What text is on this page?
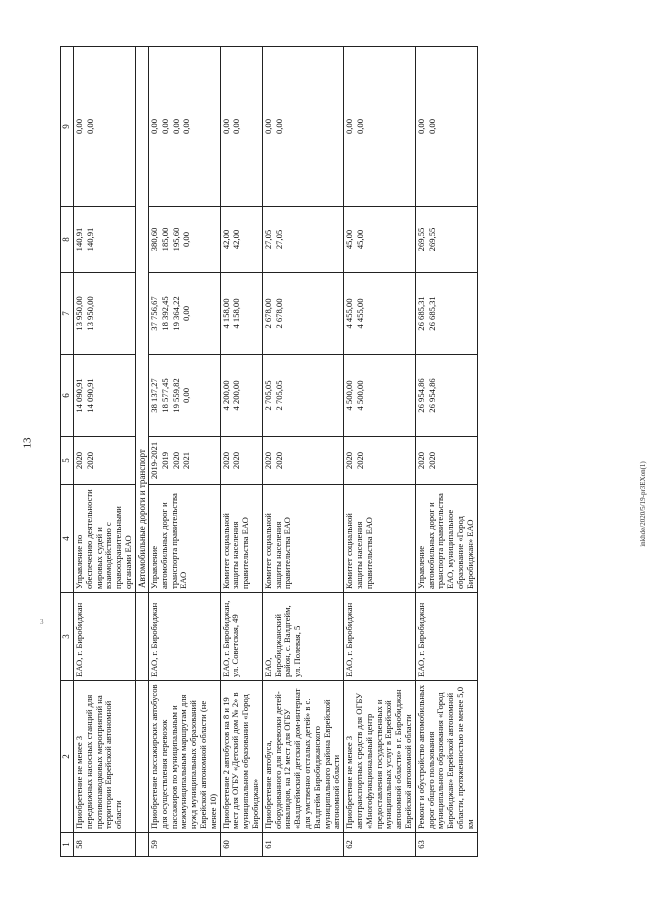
13
3
inkhde/2020/5/19-pr3EXon(1)
1	2	3	4	5	6	7	8	9
58	Приобретение не менее 3 передвижных насосных станций для противопаводковых мероприятий на территории Еврейской автономной области	ЕАО, г. Биробиджан	Управление по обеспечению деятельности мировых судей и взаимодействию с правоохранительными органами ЕАО	2020 2020	14 090,91 14 090,91	13 950,00 13 950,00	140,91 140,91	0,00 0,00

			Автомобильные дороги и транспорт					
59	Приобретение пассажирских автобусов для осуществления перевозок пассажиров по муниципальным и межмуниципальным маршрутам для нужд муниципальных образований Еврейской автономной области (не менее 10)	ЕАО, г. Биробиджан	Управление автомобильных дорог и транспорта правительства ЕАО	2019-2021 2019 2020 2021	38 137,27 18 577,45 19 559,82 0,00	37 756,67 18 392,45 19 364,22 0,00	380,60 185,00 195,60 0,00	0,00 0,00 0,00 0,00

60	Приобретение 2 автобусов на 8 и 19 мест для ОГБУ «Детский дом № 2» в муниципальном образовании «Город Биробиджан»	ЕАО, г. Биробиджан, ул. Советская, 49	Комитет социальной защиты населения правительства ЕАО	2020 2020	4 200,00 4 200,00	4 158,00 4 158,00	42,00 42,00	0,00 0,00

61	Приобретение автобуса, оборудованного для перевозки детей-инвалидов, на 12 мест для ОГБУ «Валдгеймский детский дом-интернат для умственно отсталых детей» в с. Валдгейм Биробиджанского муниципального района Еврейской автономной области	ЕАО, Биробиджанский район, с. Валдгейм, ул. Полевая, 5	Комитет социальной защиты населения правительства ЕАО	2020 2020	2 705,05 2 705,05	2 678,00 2 678,00	27,05 27,05	0,00 0,00

62	Приобретение не менее 3 автотранспортных средств для ОГБУ «Многофункциональный центр предоставления государственных и муниципальных услуг в Еврейской автономной области» в г. Биробиджан Еврейской автономной области	ЕАО, г. Биробиджан	Комитет социальной защиты населения правительства ЕАО	2020 2020	4 500,00 4 500,00	4 455,00 4 455,00	45,00 45,00	0,00 0,00

63	Ремонт и обустройство автомобильных дорог общего пользования муниципального образования «Город Биробиджан» Еврейской автономной области, протяженностью не менее 5,0 км	ЕАО, г. Биробиджан	Управление автомобильных дорог и транспорта правительства ЕАО, муниципальное образование «Город Биробиджан» ЕАО	2020 2020	26 954,86 26 954,86	26 685,31 26 685,31	269,55 269,55	0,00 0,00
